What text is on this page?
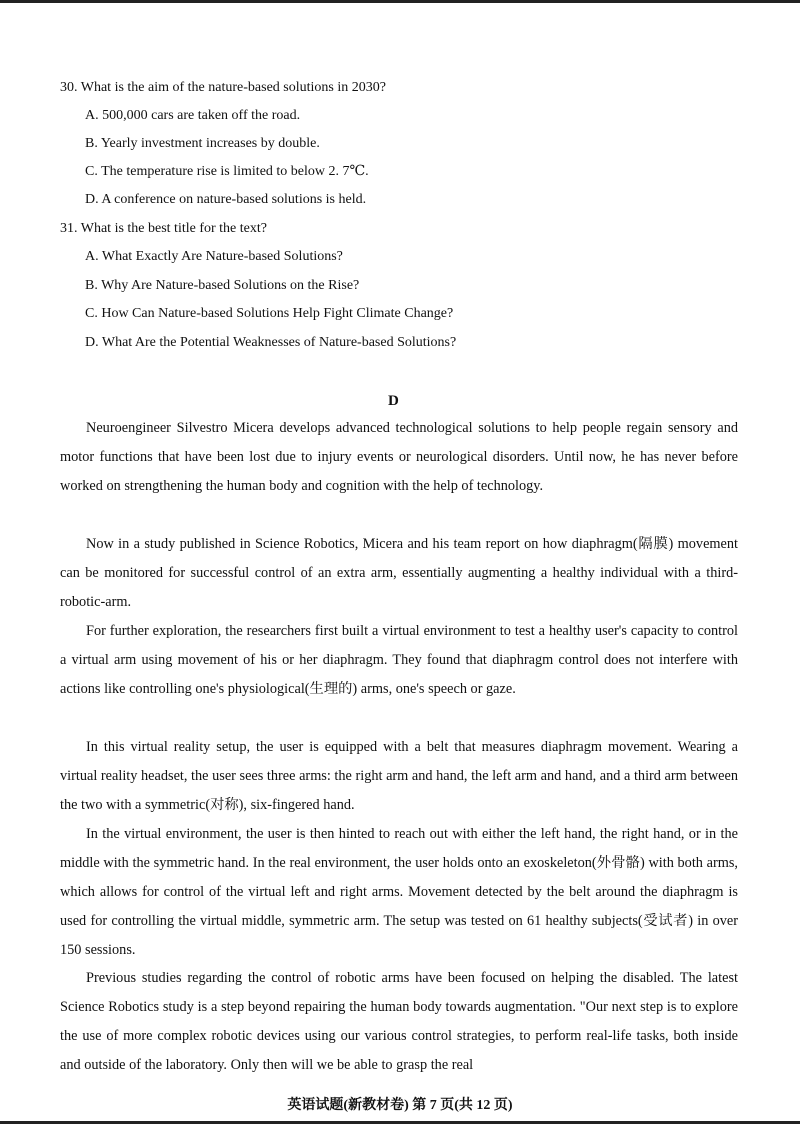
30. What is the aim of the nature-based solutions in 2030?
A. 500,000 cars are taken off the road.
B. Yearly investment increases by double.
C. The temperature rise is limited to below 2. 7℃.
D. A conference on nature-based solutions is held.
31. What is the best title for the text?
A. What Exactly Are Nature-based Solutions?
B. Why Are Nature-based Solutions on the Rise?
C. How Can Nature-based Solutions Help Fight Climate Change?
D. What Are the Potential Weaknesses of Nature-based Solutions?
D
Neuroengineer Silvestro Micera develops advanced technological solutions to help people regain sensory and motor functions that have been lost due to injury events or neurological disorders. Until now, he has never before worked on strengthening the human body and cognition with the help of technology.
Now in a study published in Science Robotics, Micera and his team report on how diaphragm(隔膜) movement can be monitored for successful control of an extra arm, essentially augmenting a healthy individual with a third-robotic-arm.
For further exploration, the researchers first built a virtual environment to test a healthy user's capacity to control a virtual arm using movement of his or her diaphragm. They found that diaphragm control does not interfere with actions like controlling one's physiological(生理的) arms, one's speech or gaze.
In this virtual reality setup, the user is equipped with a belt that measures diaphragm movement. Wearing a virtual reality headset, the user sees three arms: the right arm and hand, the left arm and hand, and a third arm between the two with a symmetric(对称), six-fingered hand.
In the virtual environment, the user is then hinted to reach out with either the left hand, the right hand, or in the middle with the symmetric hand. In the real environment, the user holds onto an exoskeleton(外骨骼) with both arms, which allows for control of the virtual left and right arms. Movement detected by the belt around the diaphragm is used for controlling the virtual middle, symmetric arm. The setup was tested on 61 healthy subjects(受试者) in over 150 sessions.
Previous studies regarding the control of robotic arms have been focused on helping the disabled. The latest Science Robotics study is a step beyond repairing the human body towards augmentation. "Our next step is to explore the use of more complex robotic devices using our various control strategies, to perform real-life tasks, both inside and outside of the laboratory. Only then will we be able to grasp the real
英语试题(新教材卷) 第 7 页(共 12 页)
